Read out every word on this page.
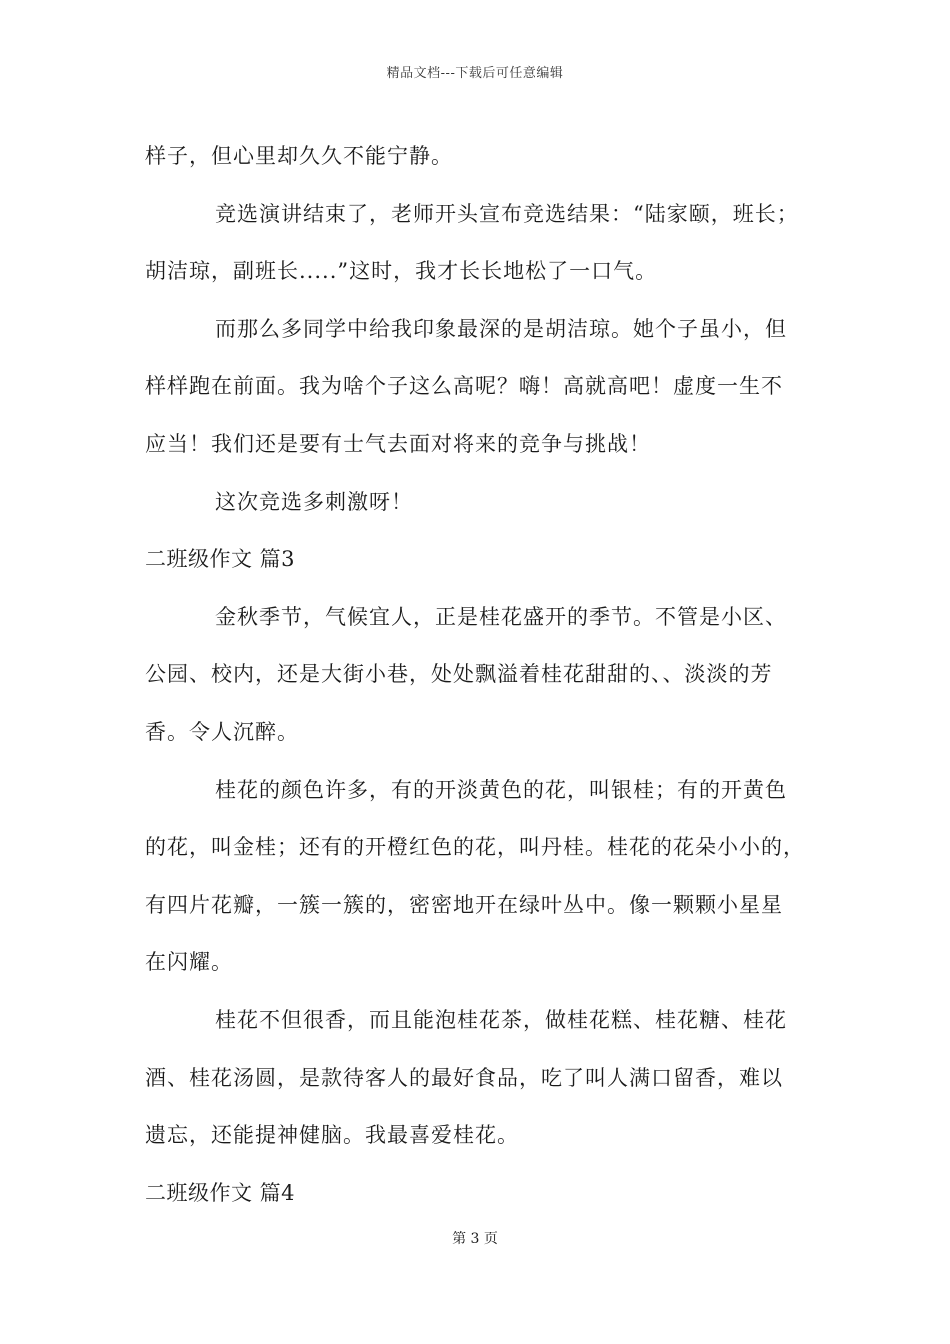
精品文档---下载后可任意编辑
样子，但心里却久久不能宁静。
竞选演讲结束了，老师开头宣布竞选结果：“陆家颐，班长；
胡洁琼，副班长.....”这时，我才长长地松了一口气。
而那么多同学中给我印象最深的是胡洁琼。她个子虽小，但
样样跑在前面。我为啥个子这么高呢？嗨！高就高吧！虚度一生不
应当！我们还是要有士气去面对将来的竞争与挑战！
这次竞选多刺激呀！
二班级作文 篇3
金秋季节，气候宜人，正是桂花盛开的季节。不管是小区、
公园、校内，还是大街小巷，处处飘溢着桂花甜甜的、、淡淡的芳
香。令人沉醉。
桂花的颜色许多，有的开淡黄色的花，叫银桂；有的开黄色
的花，叫金桂；还有的开橙红色的花，叫丹桂。桂花的花朵小小的，
有四片花瓣，一簇一簇的，密密地开在绿叶丛中。像一颗颗小星星
在闪耀。
桂花不但很香，而且能泡桂花茶，做桂花糕、桂花糖、桂花
酒、桂花汤圆，是款待客人的最好食品，吃了叫人满口留香，难以
遗忘，还能提神健脑。我最喜爱桂花。
二班级作文 篇4
第 3 页
